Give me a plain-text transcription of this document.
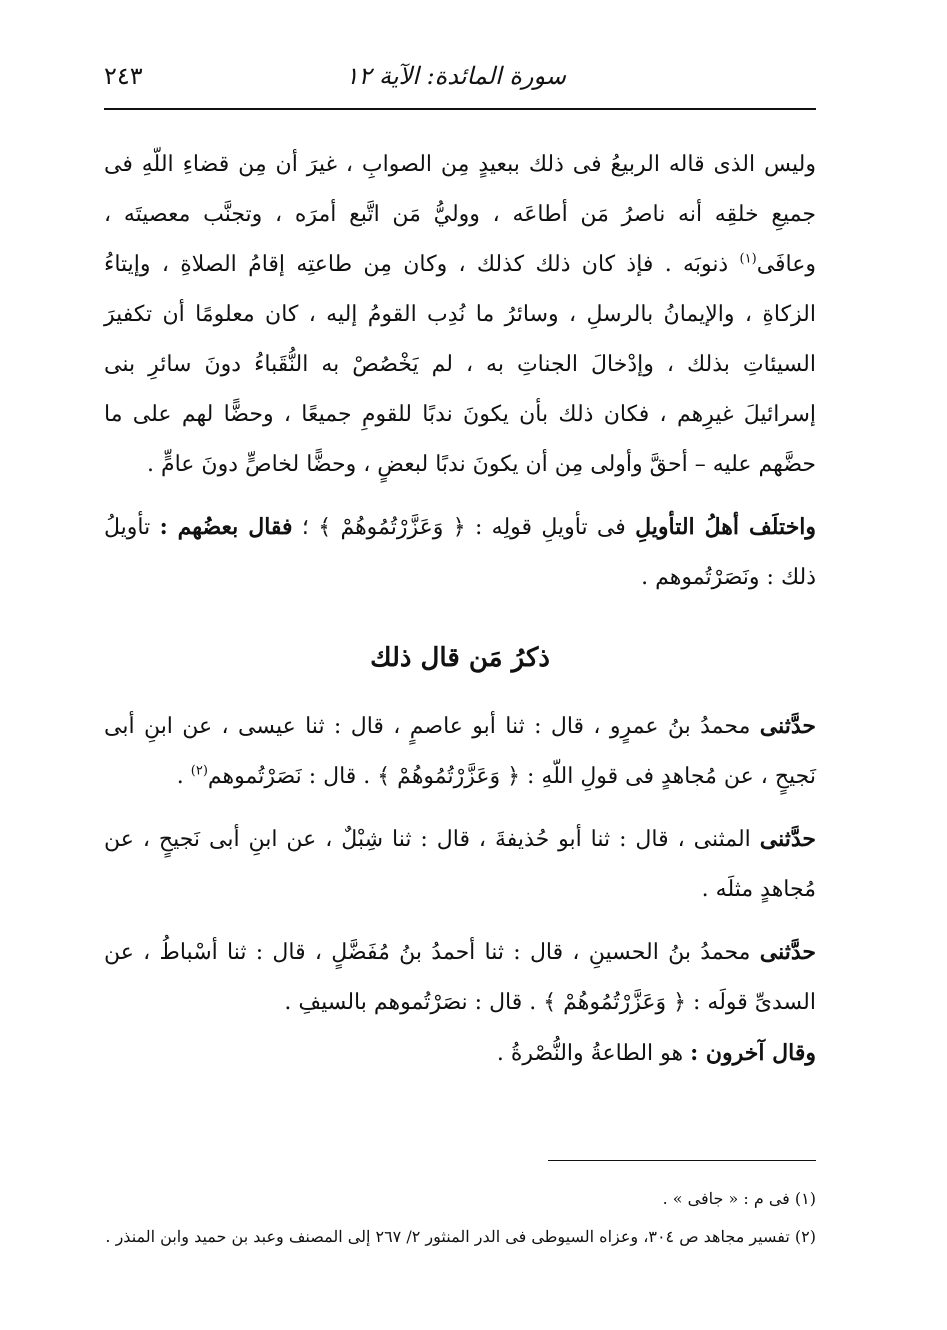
سورة المائدة: الآية ١٢
٢٤٣

وليس الذى قاله الربيعُ فى ذلك ببعيدٍ مِن الصوابِ ، غيرَ أن مِن قضاءِ اللّهِ فى جميعِ خلقِه أنه ناصرُ مَن أطاعَه ، ووليُّ مَن اتَّبع أمرَه ، وتجنَّب معصيتَه ، وعافَى$^{(١)}$ ذنوبَه . فإذ كان ذلك كذلك ، وكان مِن طاعتِه إقامُ الصلاةِ ، وإيتاءُ الزكاةِ ، والإيمانُ بالرسلِ ، وسائرُ ما نُدِب القومُ إليه ، كان معلومًا أن تكفيرَ السيئاتِ بذلك ، وإدْخالَ الجناتِ به ، لم يَخْصُصْ به النُّقَباءُ دونَ سائرِ بنى إسرائيلَ غيرِهم ، فكان ذلك بأن يكونَ ندبًا للقومِ جميعًا ، وحضًّا لهم على ما حضَّهم عليه – أحقَّ وأولى مِن أن يكونَ ندبًا لبعضٍ ، وحضًّا لخاصٍّ دونَ عامٍّ .

واختلَف أهلُ التأويلِ فى تأويلِ قولِه : ﴿ وَعَزَّرْتُمُوهُمْ ﴾ ؛ فقال بعضُهم : تأويلُ ذلك : ونَصَرْتُموهم .

ذكرُ مَن قال ذلك

حدَّثنى محمدُ بنُ عمرٍو ، قال : ثنا أبو عاصمٍ ، قال : ثنا عيسى ، عن ابنِ أبى نَجيحٍ ، عن مُجاهدٍ فى قولِ اللّهِ : ﴿ وَعَزَّرْتُمُوهُمْ ﴾ . قال : نَصَرْتُموهم$^{(٢)}$ .

حدَّثنى المثنى ، قال : ثنا أبو حُذيفةَ ، قال : ثنا شِبْلٌ ، عن ابنِ أبى نَجيحٍ ، عن مُجاهدٍ مثلَه .

حدَّثنى محمدُ بنُ الحسينِ ، قال : ثنا أحمدُ بنُ مُفَضَّلٍ ، قال : ثنا أسْباطُ ، عن السدىِّ قولَه : ﴿ وَعَزَّرْتُمُوهُمْ ﴾ . قال : نصَرْتُموهم بالسيفِ .

وقال آخرون : هو الطاعةُ والنُّصْرةُ .

(١) فى م : « جافى » .

(٢) تفسير مجاهد ص ٣٠٤، وعزاه السيوطى فى الدر المنثور ٢/ ٢٦٧ إلى المصنف وعبد بن حميد وابن المنذر .
